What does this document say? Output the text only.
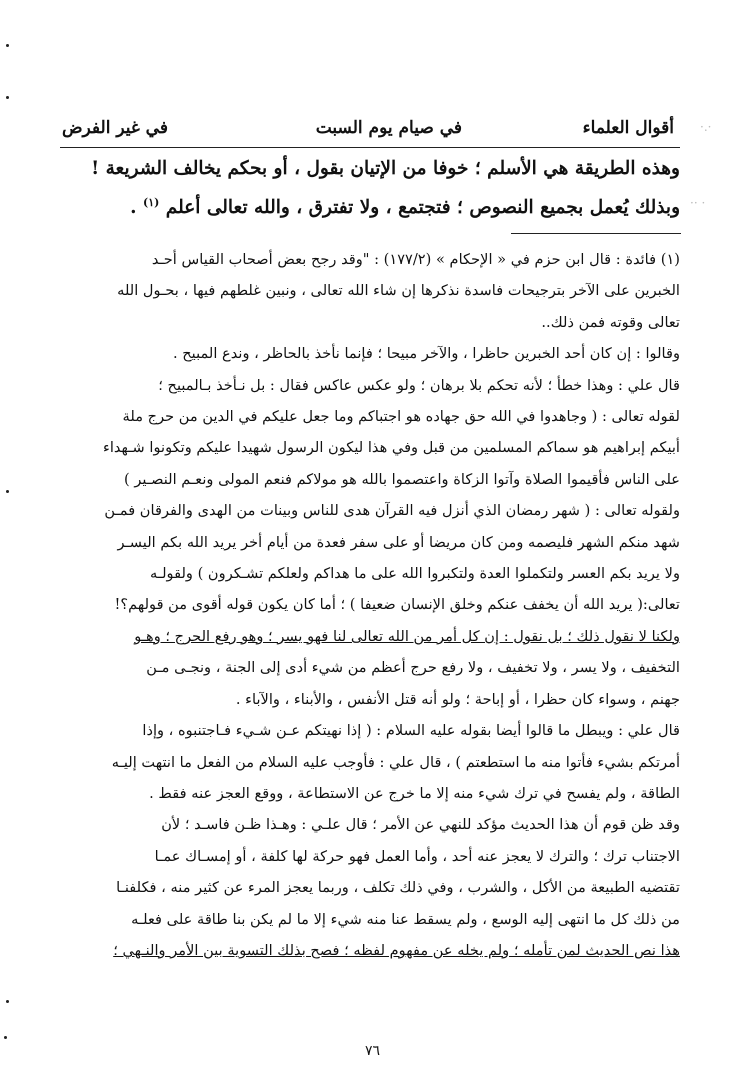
أقوال العلماء
في صيام يوم السبت
في غير الفرض
وهذه الطريقة هي الأسلم ؛ خوفا من الإتيان بقول ، أو بحكم يخالف الشريعة !
وبذلك يُعمل بجميع النصوص ؛ فتجتمع ، ولا تفترق ، والله تعالى أعلم $^{(١)}$ .
(١) فائدة : قال ابن حزم في « الإحكام » (١٧٧/٢) : "وقد رجح بعض أصحاب القياس أحـد
الخبرين على الآخر بترجيحات فاسدة نذكرها إن شاء الله تعالى ، ونبين غلطهم فيها ، بحـول الله
تعالى وقوته فمن ذلك..
وقالوا : إن كان أحد الخبرين حاظرا ، والآخر مبيحا ؛ فإنما نأخذ بالحاظر ، وندع المبيح .
قال علي : وهذا خطأ ؛ لأنه تحكم بلا برهان ؛ ولو عكس عاكس فقال : بل نـأخذ بـالمبيح ؛
لقوله تعالى : ( وجاهدوا في الله حق جهاده هو اجتباكم وما جعل عليكم في الدين من حرج ملة
أبيكم إبراهيم هو سماكم المسلمين من قبل وفي هذا ليكون الرسول شهيدا عليكم وتكونوا شـهداء
على الناس فأقيموا الصلاة وآتوا الزكاة واعتصموا بالله هو مولاكم فنعم المولى ونعـم النصـير )
ولقوله تعالى : ( شهر رمضان الذي أنزل فيه القرآن هدى للناس وبينات من الهدى والفرقان فمـن
شهد منكم الشهر فليصمه ومن كان مريضا أو على سفر فعدة من أيام أخر يريد الله بكم اليسـر
ولا يريد بكم العسر ولتكملوا العدة ولتكبروا الله على ما هداكم ولعلكم تشـكرون ) ولقولـه
تعالى:( يريد الله أن يخفف عنكم وخلق الإنسان ضعيفا ) ؛ أما كان يكون قوله أقوى من قولهم؟!
ولكنا لا نقول ذلك ؛ بل نقول : إن كل أمر من الله تعالى لنا فهو يسر ؛ وهو رفع الحرج ؛ وهـو
التخفيف ، ولا يسر ، ولا تخفيف ، ولا رفع حرج أعظم من شيء أدى إلى الجنة ، ونجـى مـن
جهنم ، وسواء كان حظرا ، أو إباحة ؛ ولو أنه قتل الأنفس ، والأبناء ، والآباء .
قال علي : ويبطل ما قالوا أيضا بقوله عليه السلام : ( إذا نهيتكم عـن شـيء فـاجتنبوه ، وإذا
أمرتكم بشيء فأتوا منه ما استطعتم ) ، قال علي : فأوجب عليه السلام من الفعل ما انتهت إليـه
الطاقة ، ولم يفسح في ترك شيء منه إلا ما خرج عن الاستطاعة ، ووقع العجز عنه فقط .
وقد ظن قوم أن هذا الحديث مؤكد للنهي عن الأمر ؛ قال علـي : وهـذا ظـن فاسـد ؛ لأن
الاجتناب ترك ؛ والترك لا يعجز عنه أحد ، وأما العمل فهو حركة لها كلفة ، أو إمسـاك عمـا
تقتضيه الطبيعة من الأكل ، والشرب ، وفي ذلك تكلف ، وربما يعجز المرء عن كثير منه ، فكلفنـا
من ذلك كل ما انتهى إليه الوسع ، ولم يسقط عنا منه شيء إلا ما لم يكن بنا طاقة على فعلـه
هذا نص الحديث لمن تأمله ؛ ولم يخله عن مفهوم لفظه ؛ فصح بذلك التسوية بين الأمر والنـهي ؛
٧٦
·.·
·· ·
